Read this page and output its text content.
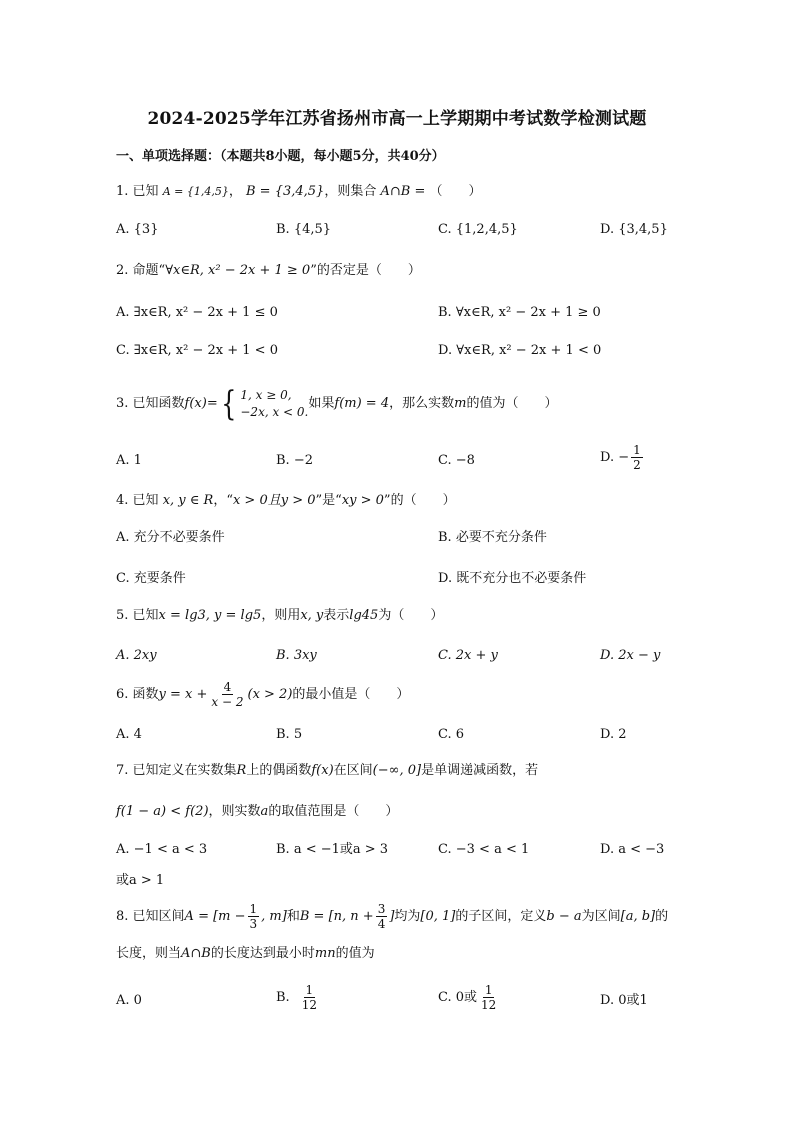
2024-2025学年江苏省扬州市高一上学期期中考试数学检测试题
一、单项选择题：（本题共8小题，每小题5分，共40分）
1. 已知 A = {1,4,5}， B = {3,4,5}，则集合 A∩B = （　　）
A. {3}	B. {4,5}	C. {1,2,4,5}	D. {3,4,5}
2. 命题“∀x∈R, x² − 2x + 1 ≥ 0”的否定是（　　）
A. ∃x∈R, x² − 2x + 1 ≤ 0	B. ∀x∈R, x² − 2x + 1 ≥ 0
C. ∃x∈R, x² − 2x + 1 < 0	D. ∀x∈R, x² − 2x + 1 < 0
3. 已知函数 f(x)= { 1, x ≥ 0,
−2x, x < 0.
如果 f(m) = 4 ，那么实数 m 的值为（　　）
A. 1	B. −2	C. −8	D. − $\frac{1}{2}$
4. 已知 x, y ∈ R，“x > 0且y > 0”是“xy > 0”的（　　）
A. 充分不必要条件	B. 必要不充分条件
C. 充要条件	D. 既不充分也不必要条件
5. 已知x = lg3, y = lg5，则用x, y表示lg45为（　　）
A. 2xy	B. 3xy	C. 2x + y	D. 2x − y
6. 函数 $y = x + \frac{4}{x - 2} (x > 2)$ 的最小值是（　　）
A. 4	B. 5	C. 6	D. 2
7. 已知定义在实数集R上的偶函数f(x)在区间(−∞, 0]是单调递减函数，若
f(1 − a) < f(2)，则实数a的取值范围是（　　）
A. −1 < a < 3	B. a < −1或a > 3	C. −3 < a < 1	D. a < −3
或a > 1
8. 已知区间 $A = [m - \frac{1}{3}$ , m] 和 B = [n, $n + \frac{3}{4}$ ] 均为 [0, 1] 的子区间，定义 b − a 为区间 [a, b] 的
长度，则当A∩B的长度达到最小时mn的值为
A. 0	B. $\frac{1}{12}$	C. 0或 $\frac{1}{12}$	D. 0或1
